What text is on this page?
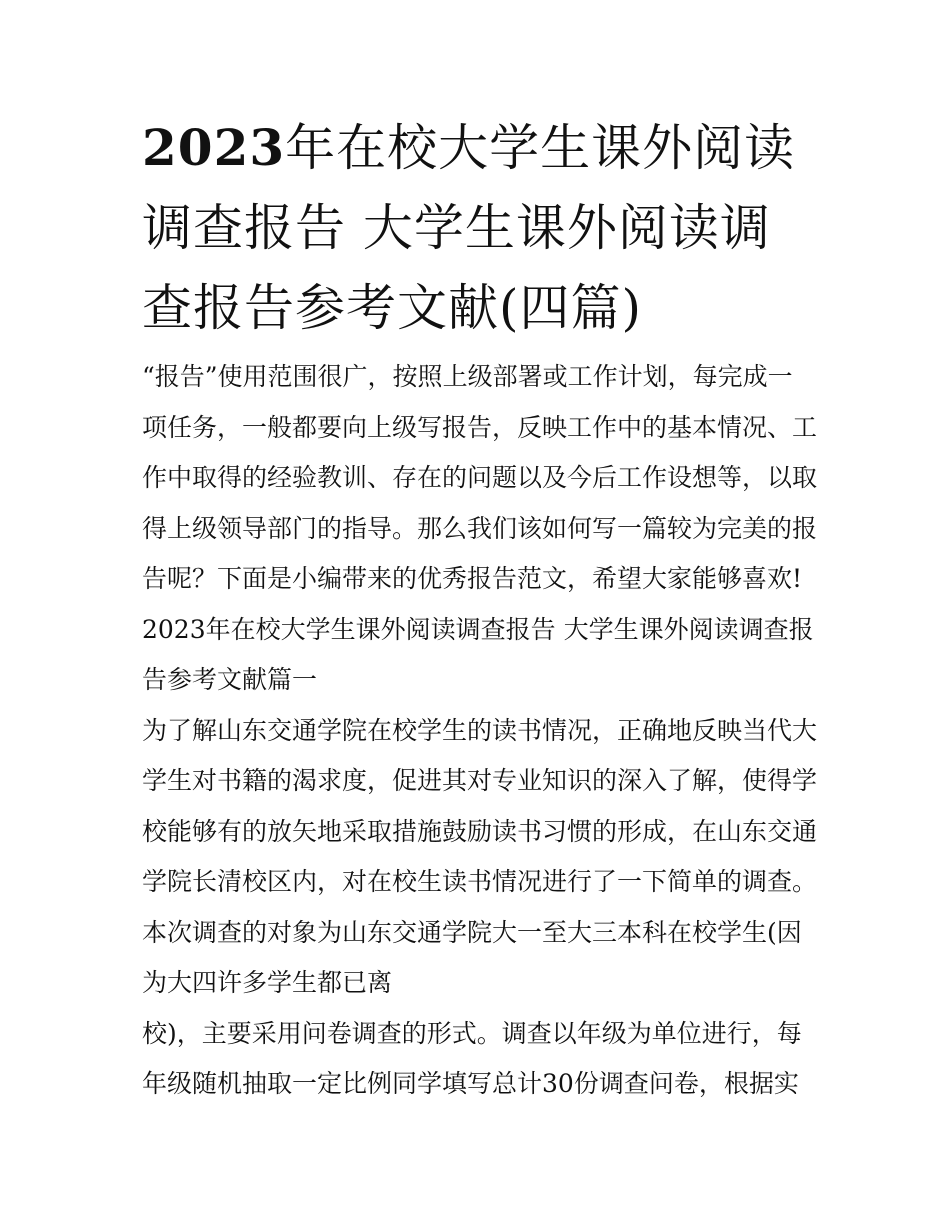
2023年在校大学生课外阅读调查报告 大学生课外阅读调查报告参考文献(四篇)

“报告”使用范围很广，按照上级部署或工作计划，每完成一项任务，一般都要向上级写报告，反映工作中的基本情况、工作中取得的经验教训、存在的问题以及今后工作设想等，以取得上级领导部门的指导。那么我们该如何写一篇较为完美的报告呢？下面是小编带来的优秀报告范文，希望大家能够喜欢!

2023年在校大学生课外阅读调查报告 大学生课外阅读调查报告参考文献篇一

为了解山东交通学院在校学生的读书情况，正确地反映当代大学生对书籍的渴求度，促进其对专业知识的深入了解，使得学校能够有的放矢地采取措施鼓励读书习惯的形成，在山东交通学院长清校区内，对在校生读书情况进行了一下简单的调查。

本次调查的对象为山东交通学院大一至大三本科在校学生(因为大四许多学生都已离

校)，主要采用问卷调查的形式。调查以年级为单位进行，每年级随机抽取一定比例同学填写总计30份调查问卷，根据实
